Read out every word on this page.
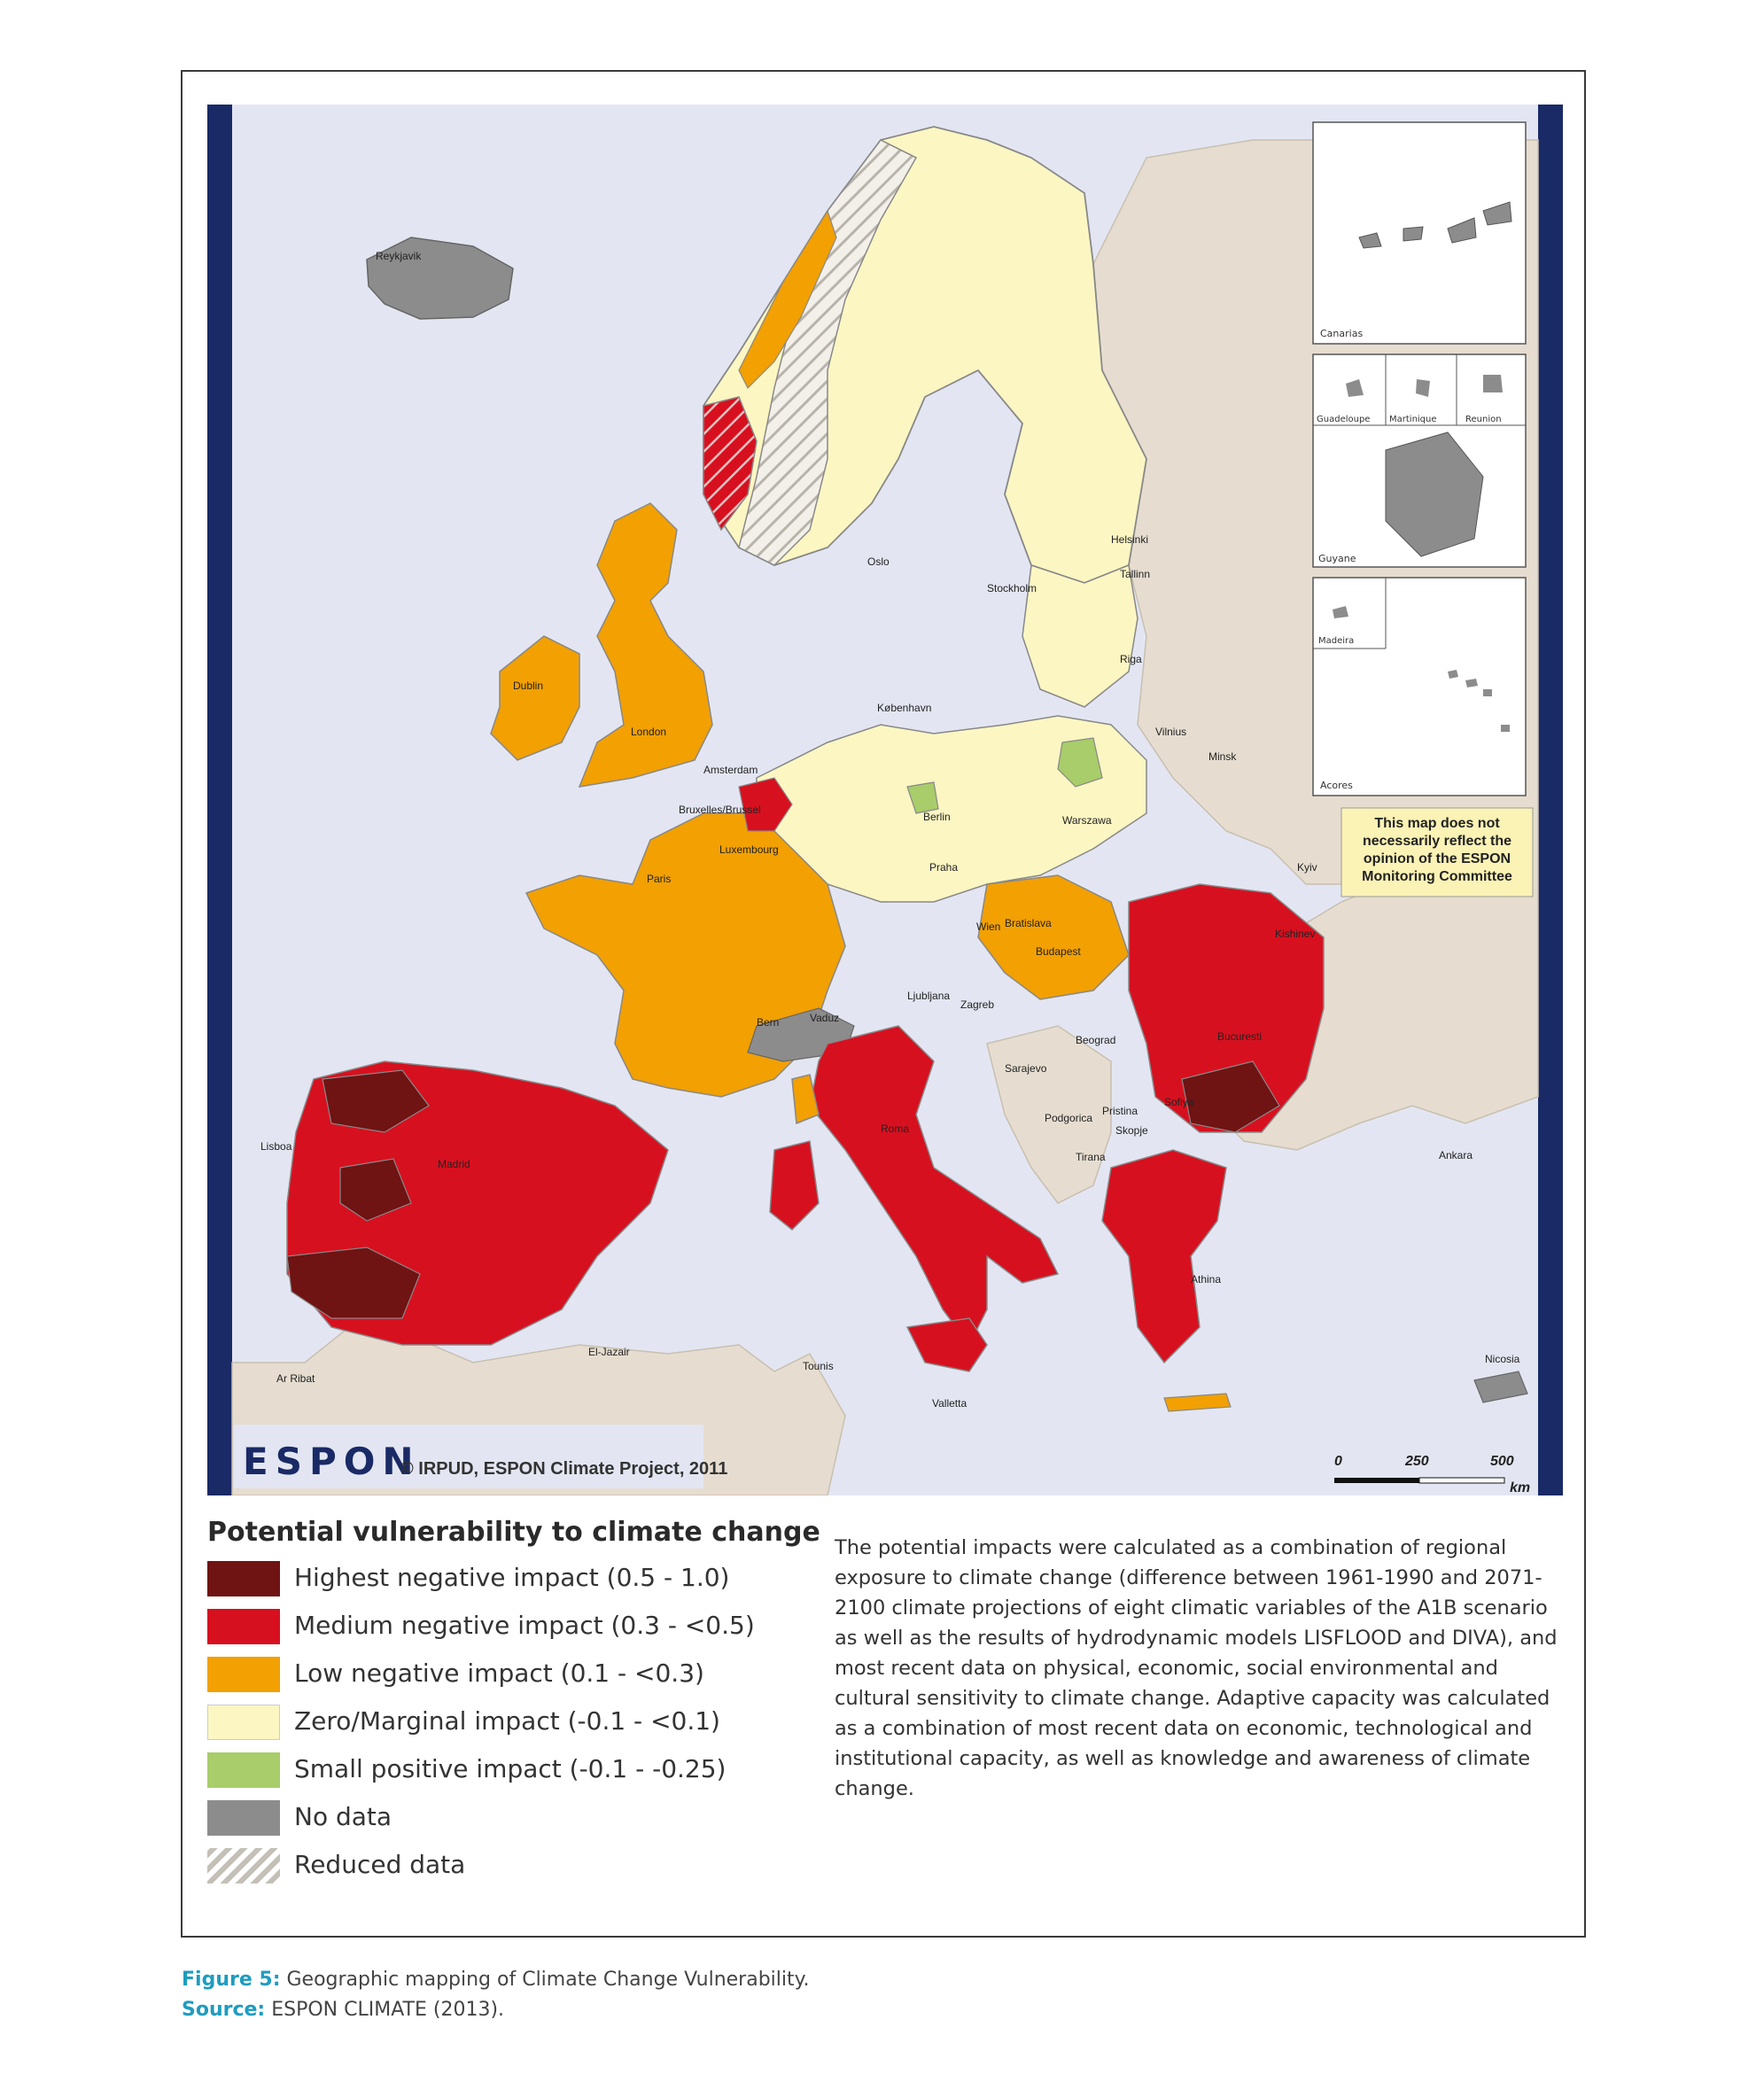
Canarias
Guadeloupe Martinique	Reunion
Guyane
Madeira
Acores
This map does not
necessarily reflect the
opinion of the ESPON
Monitoring Committee
Reykjavik
Dublin
London
Amsterdam
Bruxelles/Brussel
Luxembourg
Paris
Bern	Vaduz
Oslo
Stockholm
Helsinki
Tallinn
Riga
Vilnius
Minsk
København
Berlin	Warszawa
Kyiv
Praha
Wien Bratislava
Budapest
Ljubljana
Zagreb
Kishinev
Beograd
Sarajevo
Bucuresti
Podgorica
Pristina
Skopje
Sofiya
Tirana	Ankara
Athina
Roma
Madrid
Lisboa
El-Jazair
Tounis
Valletta
Ar Ribat
Nicosia
ESPON
© IRPUD, ESPON Climate Project, 2011	0	250	500
km
Potential vulnerability to climate change
Highest negative impact (0.5 - 1.0)
Medium negative impact (0.3 - <0.5)
Low negative impact (0.1 - <0.3)
Zero/Marginal impact (-0.1 - <0.1)
Small positive impact (-0.1 - -0.25)
No data
Reduced data
The potential impacts were calculated as a combination of regional exposure to climate change (difference between 1961-1990 and 2071-2100 climate projections of eight climatic variables of the A1B scenario as well as the results of hydrodynamic models LISFLOOD and DIVA), and most recent data on physical, economic, social environmental and cultural sensitivity to climate change. Adaptive capacity was calculated as a combination of most recent data on economic, technological and institutional capacity, as well as knowledge and awareness of climate change.
Figure 5: Geographic mapping of Climate Change Vulnerability.
Source: ESPON CLIMATE (2013).
